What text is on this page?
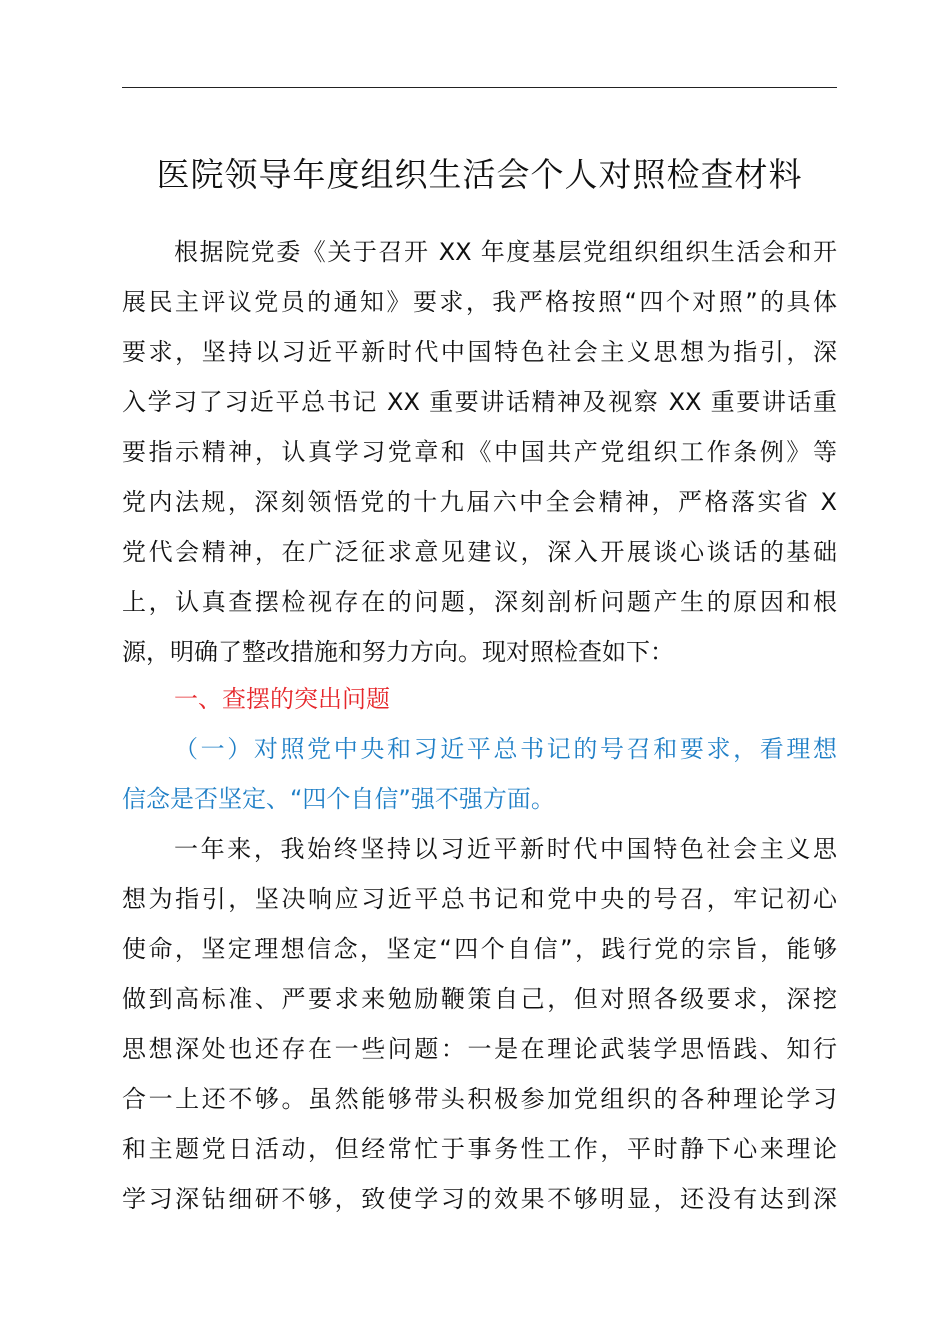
医院领导年度组织生活会个人对照检查材料
根据院党委《关于召开 XX 年度基层党组织组织生活会和开
展民主评议党员的通知》要求，我严格按照“四个对照”的具体
要求，坚持以习近平新时代中国特色社会主义思想为指引，深
入学习了习近平总书记 XX 重要讲话精神及视察 XX 重要讲话重
要指示精神，认真学习党章和《中国共产党组织工作条例》等
党内法规，深刻领悟党的十九届六中全会精神，严格落实省 X
党代会精神，在广泛征求意见建议，深入开展谈心谈话的基础
上，认真查摆检视存在的问题，深刻剖析问题产生的原因和根
源，明确了整改措施和努力方向。现对照检查如下：
一、查摆的突出问题
（一）对照党中央和习近平总书记的号召和要求，看理想
信念是否坚定、“四个自信”强不强方面。
一年来，我始终坚持以习近平新时代中国特色社会主义思
想为指引，坚决响应习近平总书记和党中央的号召，牢记初心
使命，坚定理想信念，坚定“四个自信”，践行党的宗旨，能够
做到高标准、严要求来勉励鞭策自己，但对照各级要求，深挖
思想深处也还存在一些问题：一是在理论武装学思悟践、知行
合一上还不够。虽然能够带头积极参加党组织的各种理论学习
和主题党日活动，但经常忙于事务性工作，平时静下心来理论
学习深钻细研不够，致使学习的效果不够明显，还没有达到深
